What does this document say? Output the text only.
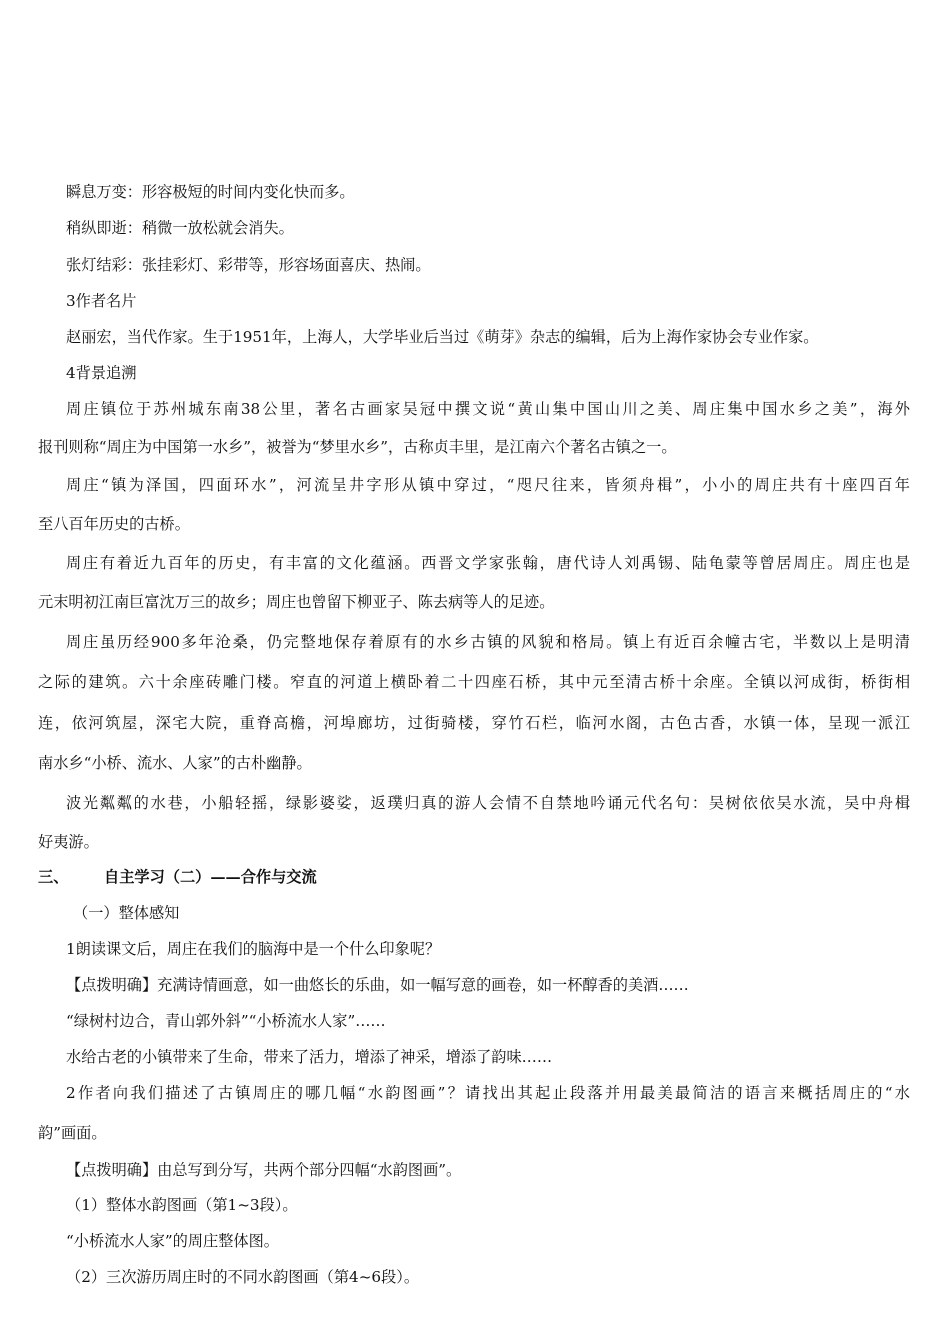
瞬息万变：形容极短的时间内变化快而多。
稍纵即逝：稍微一放松就会消失。
张灯结彩：张挂彩灯、彩带等，形容场面喜庆、热闹。
3作者名片
赵丽宏，当代作家。生于1951年，上海人，大学毕业后当过《萌芽》杂志的编辑，后为上海作家协会专业作家。
4背景追溯
周庄镇位于苏州城东南38公里，著名古画家吴冠中撰文说“黄山集中国山川之美、周庄集中国水乡之美”，海外
报刊则称“周庄为中国第一水乡”，被誉为“梦里水乡”，古称贞丰里，是江南六个著名古镇之一。
周庄“镇为泽国，四面环水”，河流呈井字形从镇中穿过，“咫尺往来，皆须舟楫”，小小的周庄共有十座四百年
至八百年历史的古桥。
周庄有着近九百年的历史，有丰富的文化蕴涵。西晋文学家张翰，唐代诗人刘禹锡、陆龟蒙等曾居周庄。周庄也是
元末明初江南巨富沈万三的故乡；周庄也曾留下柳亚子、陈去病等人的足迹。
周庄虽历经900多年沧桑，仍完整地保存着原有的水乡古镇的风貌和格局。镇上有近百余幢古宅，半数以上是明清
之际的建筑。六十余座砖雕门楼。窄直的河道上横卧着二十四座石桥，其中元至清古桥十余座。全镇以河成街，桥街相
连，依河筑屋，深宅大院，重脊高檐，河埠廊坊，过街骑楼，穿竹石栏，临河水阁，古色古香，水镇一体，呈现一派江
南水乡“小桥、流水、人家”的古朴幽静。
波光粼粼的水巷，小船轻摇，绿影婆娑，返璞归真的游人会情不自禁地吟诵元代名句：吴树依依吴水流，吴中舟楫
好夷游。
三、 自主学习（二）——合作与交流
（一）整体感知
1朗读课文后，周庄在我们的脑海中是一个什么印象呢？
【点拨明确】充满诗情画意，如一曲悠长的乐曲，如一幅写意的画卷，如一杯醇香的美酒……
“绿树村边合，青山郭外斜”“小桥流水人家”……
水给古老的小镇带来了生命，带来了活力，增添了神采，增添了韵味……
2作者向我们描述了古镇周庄的哪几幅“水韵图画”？请找出其起止段落并用最美最简洁的语言来概括周庄的“水
韵”画面。
【点拨明确】由总写到分写，共两个部分四幅“水韵图画”。
（1）整体水韵图画（第1~3段）。
“小桥流水人家”的周庄整体图。
（2）三次游历周庄时的不同水韵图画（第4~6段）。
